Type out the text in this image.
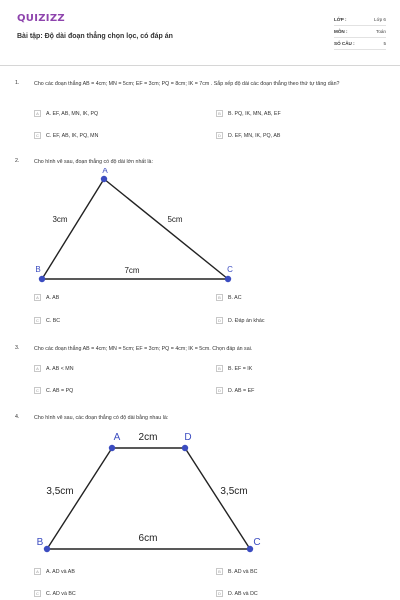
QUIZIZZ
Bài tập: Độ dài đoạn thẳng chọn lọc, có đáp án
LỚP :	Lớp 6
MÔN :	Toán
SỐ CÂU :	5
1.	Cho các đoạn thẳng AB = 4cm; MN = 5cm; EF = 3cm; PQ = 8cm; IK = 7cm . Sắp xếp độ dài các đoạn thẳng theo thứ tự tăng dần?
A	A. EF, AB, MN, IK, PQ	B	B. PQ, IK, MN, AB, EF
C	C. EF, AB, IK, PQ, MN	D	D. EF, MN, IK, PQ, AB
2.	Cho hình vẽ sau, đoạn thẳng có độ dài lớn nhất là:
A
B	C
3cm	5cm
7cm
A	A. AB	B	B. AC
C	C. BC	D	D. Đáp án khác
3.	Cho các đoạn thẳng AB = 4cm; MN = 5cm; EF = 3cm; PQ = 4cm; IK = 5cm. Chọn đáp án sai.
A	A. AB < MN	B	B. EF = IK
C	C. AB = PQ	D	D. AB = EF
4.	Cho hình vẽ sau, các đoạn thẳng có độ dài bằng nhau là:
A	D
B	C
2cm
3,5cm	3,5cm
6cm
A	A. AD và AB	B	B. AD và BC
C	C. AD và BC	D	D. AB và DC
